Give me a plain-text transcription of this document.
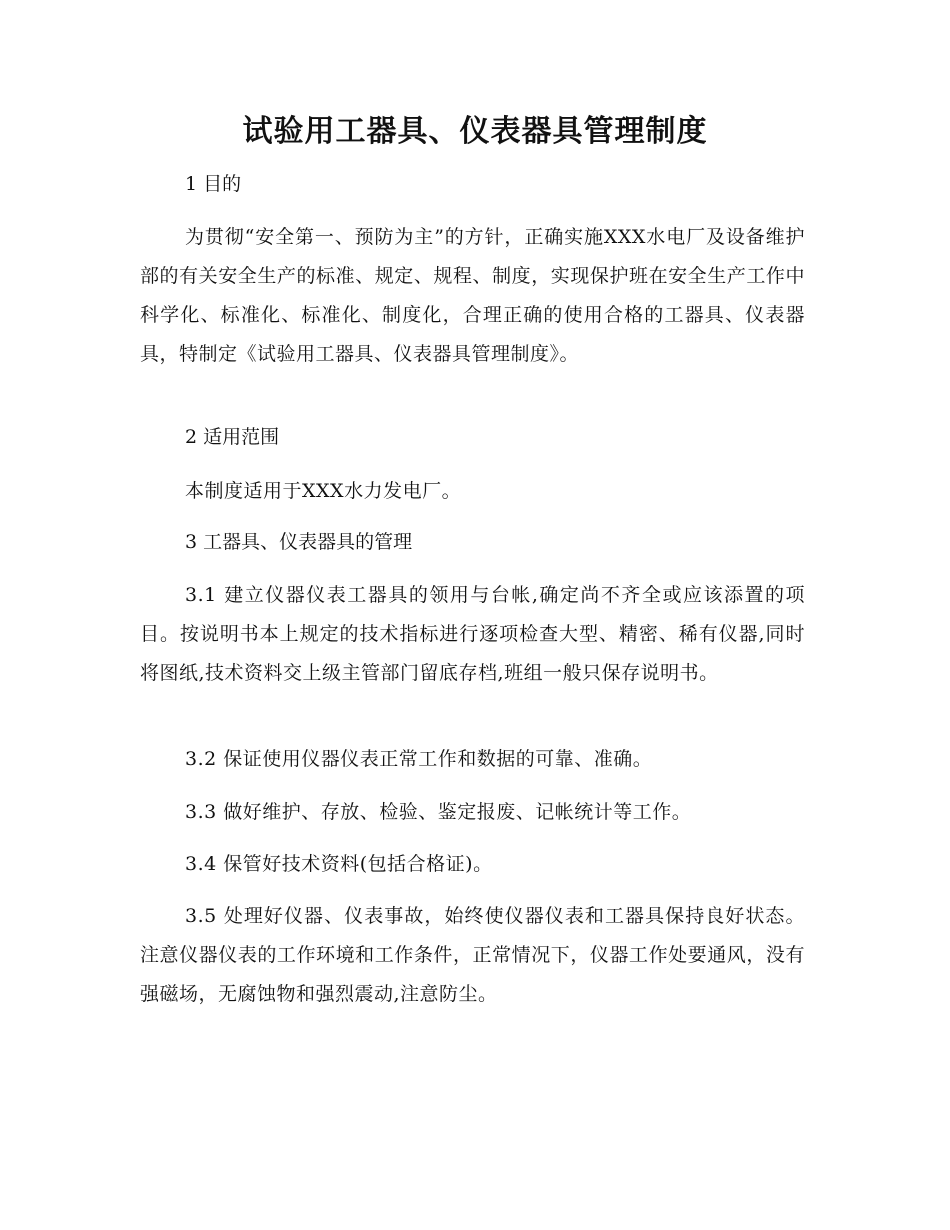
试验用工器具、仪表器具管理制度

1 目的

为贯彻“安全第一、预防为主”的方针，正确实施XXX水电厂及设备维护部的有关安全生产的标准、规定、规程、制度，实现保护班在安全生产工作中科学化、标准化、标准化、制度化，合理正确的使用合格的工器具、仪表器具，特制定《试验用工器具、仪表器具管理制度》。

2 适用范围

本制度适用于XXX水力发电厂。

3 工器具、仪表器具的管理

3.1 建立仪器仪表工器具的领用与台帐,确定尚不齐全或应该添置的项目。按说明书本上规定的技术指标进行逐项检查大型、精密、稀有仪器,同时将图纸,技术资料交上级主管部门留底存档,班组一般只保存说明书。

3.2 保证使用仪器仪表正常工作和数据的可靠、准确。

3.3 做好维护、存放、检验、鉴定报废、记帐统计等工作。

3.4 保管好技术资料(包括合格证)。

3.5 处理好仪器、仪表事故，始终使仪器仪表和工器具保持良好状态。注意仪器仪表的工作环境和工作条件，正常情况下，仪器工作处要通风，没有强磁场，无腐蚀物和强烈震动,注意防尘。
